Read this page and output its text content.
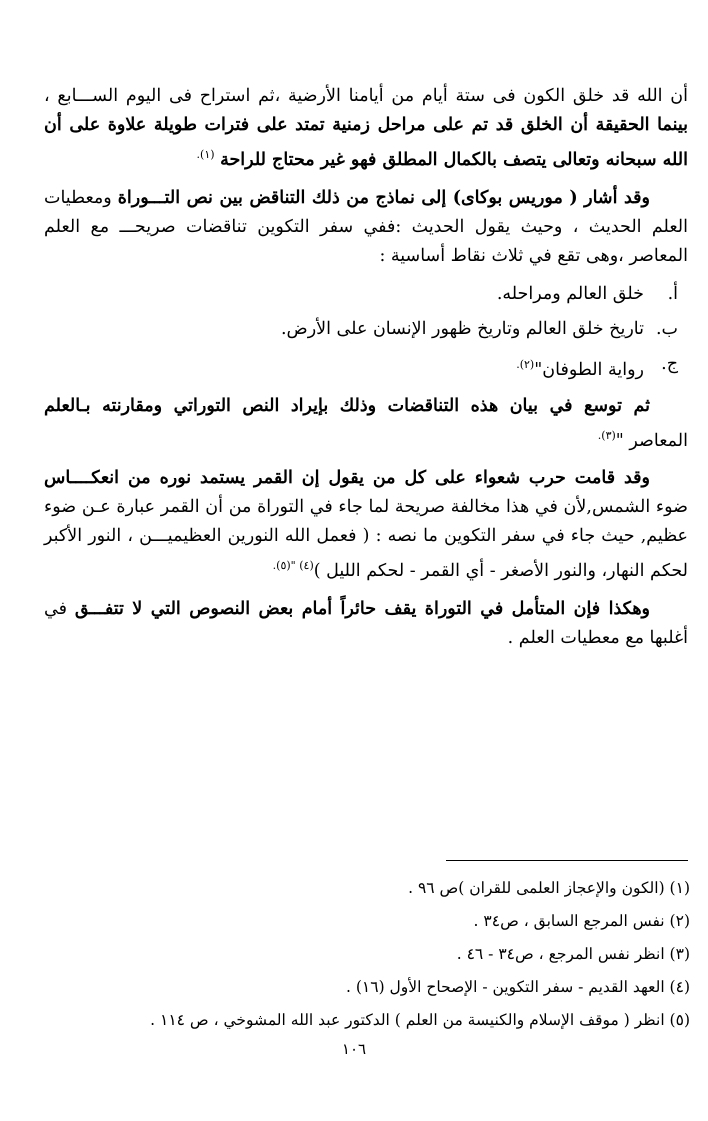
أن الله قد خلق الكون فى ستة أيام من أيامنا الأرضية ،ثم استراح فى اليوم الســـابع ، بينما الحقيقة أن الخلق قد تم على مراحل زمنية تمتد على فترات طويلة علاوة على أن الله سبحانه وتعالى يتصف بالكمال المطلق فهو غير محتاج للراحة $^{(١).}$

وقد أشار ( موريس بوكاى) إلى نماذج من ذلك التناقض بين نص التـــوراة ومعطيات العلم الحديث ، وحيث يقول الحديث :ففي سفر التكوين تناقضات صريحـــ مع العلم المعاصر ،وهى تقع في ثلاث نقاط أساسية :

أ.
خلق العالم ومراحله.
ب.
تاريخ خلق العالم وتاريخ ظهور الإنسان على الأرض.
ج.
رواية الطوفان"$^{(٢).}$

ثم توسع في بيان هذه التناقضات وذلك بإيراد النص التوراتي ومقارنته بـالعلم المعاصر "$^{(٣).}$

وقد قامت حرب شعواء على كل من يقول إن القمر يستمد نوره من انعكــــاس ضوء الشمس,لأن في هذا مخالفة صريحة لما جاء في التوراة من أن القمر عبارة عـن ضوء عظيم, حيث جاء في سفر التكوين ما نصه : ( فعمل الله النورين العظيميـــن ، النور الأكبر لحكم النهار، والنور الأصغر - أي القمر - لحكم الليل )$^{(٤) "(٥).}$

وهكذا فإن المتأمل في التوراة يقف حائراً أمام بعض النصوص التي لا تتفـــق في أغلبها مع معطيات العلم .

(١) (الكون والإعجاز العلمى للقران )ص ٩٦ .
(٢) نفس المرجع السابق ، ص٣٤ .
(٣) انظر نفس المرجع ، ص٣٤ - ٤٦ .
(٤) العهد القديم - سفر التكوين - الإصحاح الأول (١٦) .
(٥) انظر ( موقف الإسلام والكنيسة من العلم ) الدكتور عبد الله المشوخي ، ص ١١٤ .
١٠٦
